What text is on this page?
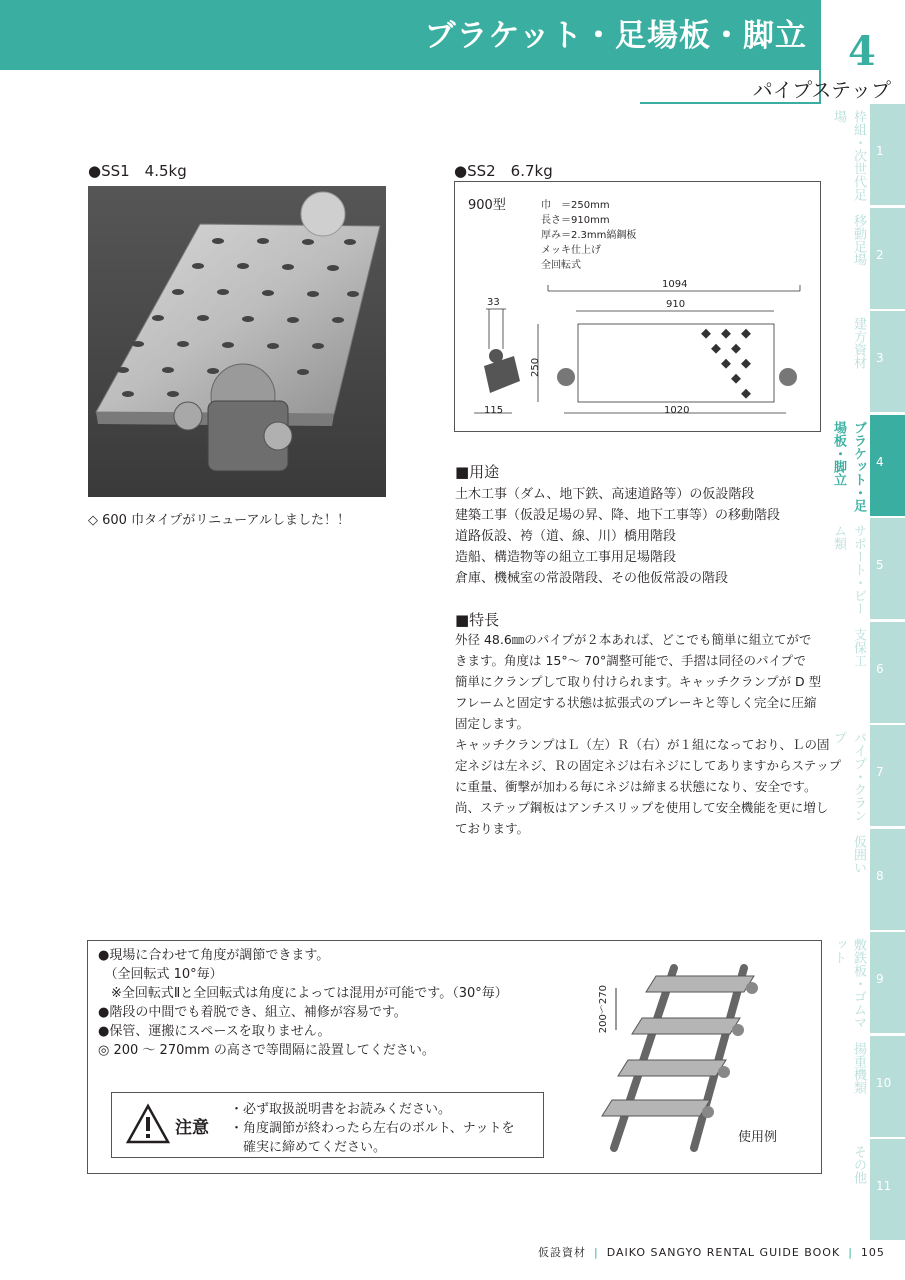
ブラケット・足場板・脚立
パイプステップ
4
枠組・次世代足場
1
移動足場 2
建方資材 3
ブラケット・足場板・脚立	4
サポート・ビーム類
5
支保工
6
パイプ・クランプ
7
仮囲い
8
敷鉄板・ゴムマット
9
揚重機類 10
その他
11
●SS1　4.5kg
◇ 600 巾タイプがリニューアルしました！！
●SS2　6.7kg
900型	巾　＝250mm
長さ＝910mm
厚み＝2.3mm縞鋼板
メッキ仕上げ
全回転式
1094
910
33
250
115	1020
■用途
土木工事（ダム、地下鉄、高速道路等）の仮設階段
建築工事（仮設足場の昇、降、地下工事等）の移動階段
道路仮設、袴（道、線、川）橋用階段
造船、構造物等の組立工事用足場階段
倉庫、機械室の常設階段、その他仮常設の階段
■特長
外径 48.6㎜のパイプが２本あれば、どこでも簡単に組立てがで
きます。角度は 15°～ 70°調整可能で、手摺は同径のパイプで
簡単にクランプして取り付けられます。キャッチクランプが D 型
フレームと固定する状態は拡張式のブレーキと等しく完全に圧縮
固定します。
キャッチクランプはＬ（左）Ｒ（右）が１組になっており、Ｌの固
定ネジは左ネジ、Ｒの固定ネジは右ネジにしてありますからステップ
に重量、衝撃が加わる毎にネジは締まる状態になり、安全です。
尚、ステップ鋼板はアンチスリップを使用して安全機能を更に増し
ております。
●現場に合わせて角度が調節できます。
　（全回転式 10°毎）
　※全回転式Ⅱと全回転式は角度によっては混用が可能です。（30°毎）
●階段の中間でも着脱でき、組立、補修が容易です。
●保管、運搬にスペースを取りません。
◎ 200 ～ 270mm の高さで等間隔に設置してください。
注意
・必ず取扱説明書をお読みください。
・角度調節が終わったら左右のボルト、ナットを
　確実に締めてください。
200〜270
使用例
仮設資材 | DAIKO SANGYO RENTAL GUIDE BOOK | 105
